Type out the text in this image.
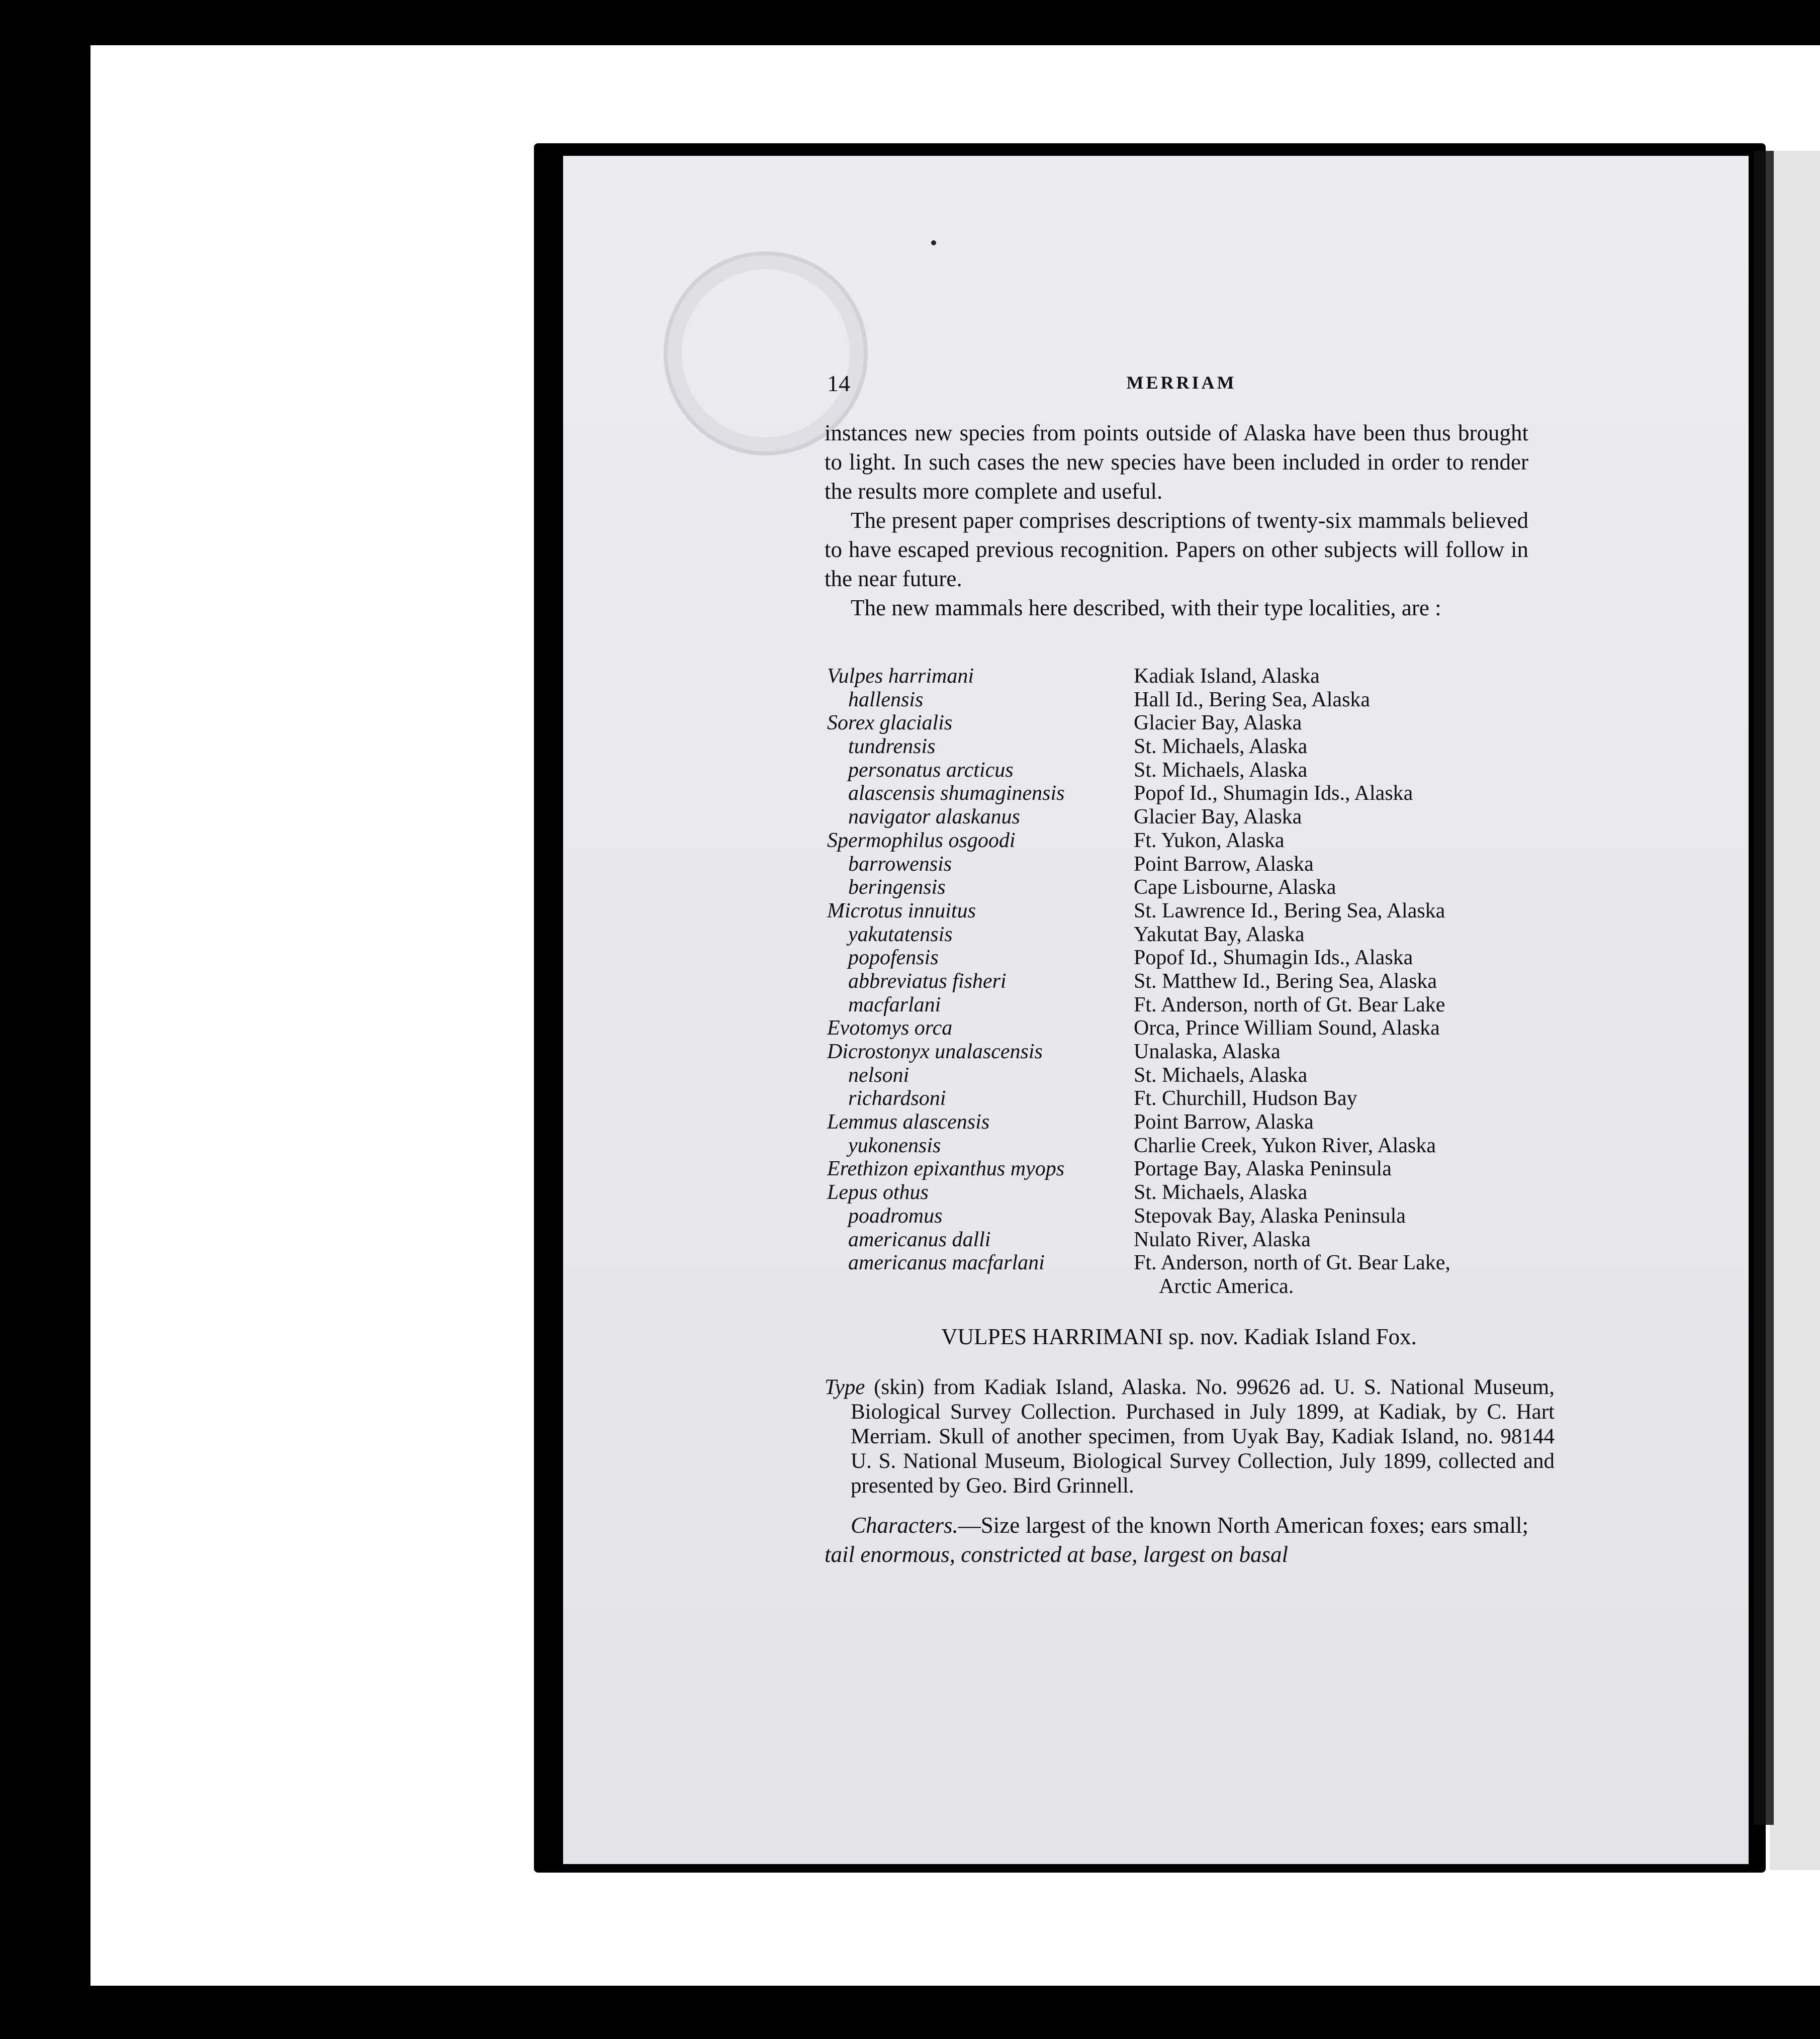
14	MERRIAM

instances new species from points outside of Alaska have been thus brought to light. In such cases the new species have been included in order to render the results more complete and useful.

The present paper comprises descriptions of twenty-six mammals believed to have escaped previous recognition. Papers on other subjects will follow in the near future.

The new mammals here described, with their type localities, are :

Vulpes harrimani	Kadiak Island, Alaska
hallensis	Hall Id., Bering Sea, Alaska
Sorex glacialis	Glacier Bay, Alaska
tundrensis	St. Michaels, Alaska
personatus arcticus	St. Michaels, Alaska
alascensis shumaginensis	Popof Id., Shumagin Ids., Alaska
navigator alaskanus	Glacier Bay, Alaska
Spermophilus osgoodi	Ft. Yukon, Alaska
barrowensis	Point Barrow, Alaska
beringensis	Cape Lisbourne, Alaska
Microtus innuitus	St. Lawrence Id., Bering Sea, Alaska
yakutatensis	Yakutat Bay, Alaska
popofensis	Popof Id., Shumagin Ids., Alaska
abbreviatus fisheri	St. Matthew Id., Bering Sea, Alaska
macfarlani	Ft. Anderson, north of Gt. Bear Lake
Evotomys orca	Orca, Prince William Sound, Alaska
Dicrostonyx unalascensis	Unalaska, Alaska
nelsoni	St. Michaels, Alaska
richardsoni	Ft. Churchill, Hudson Bay
Lemmus alascensis	Point Barrow, Alaska
yukonensis	Charlie Creek, Yukon River, Alaska
Erethizon epixanthus myops	Portage Bay, Alaska Peninsula
Lepus othus	St. Michaels, Alaska
poadromus	Stepovak Bay, Alaska Peninsula
americanus dalli	Nulato River, Alaska
americanus macfarlani	Ft. Anderson, north of Gt. Bear Lake,
Arctic America.
VULPES HARRIMANI sp. nov. Kadiak Island Fox.
Type (skin) from Kadiak Island, Alaska. No. 99626 ad. U. S. National Museum, Biological Survey Collection. Purchased in July 1899, at Kadiak, by C. Hart Merriam. Skull of another specimen, from Uyak Bay, Kadiak Island, no. 98144 U. S. National Museum, Biological Survey Collection, July 1899, collected and presented by Geo. Bird Grinnell.
Characters.—Size largest of the known North American foxes; ears small; tail enormous, constricted at base, largest on basal
